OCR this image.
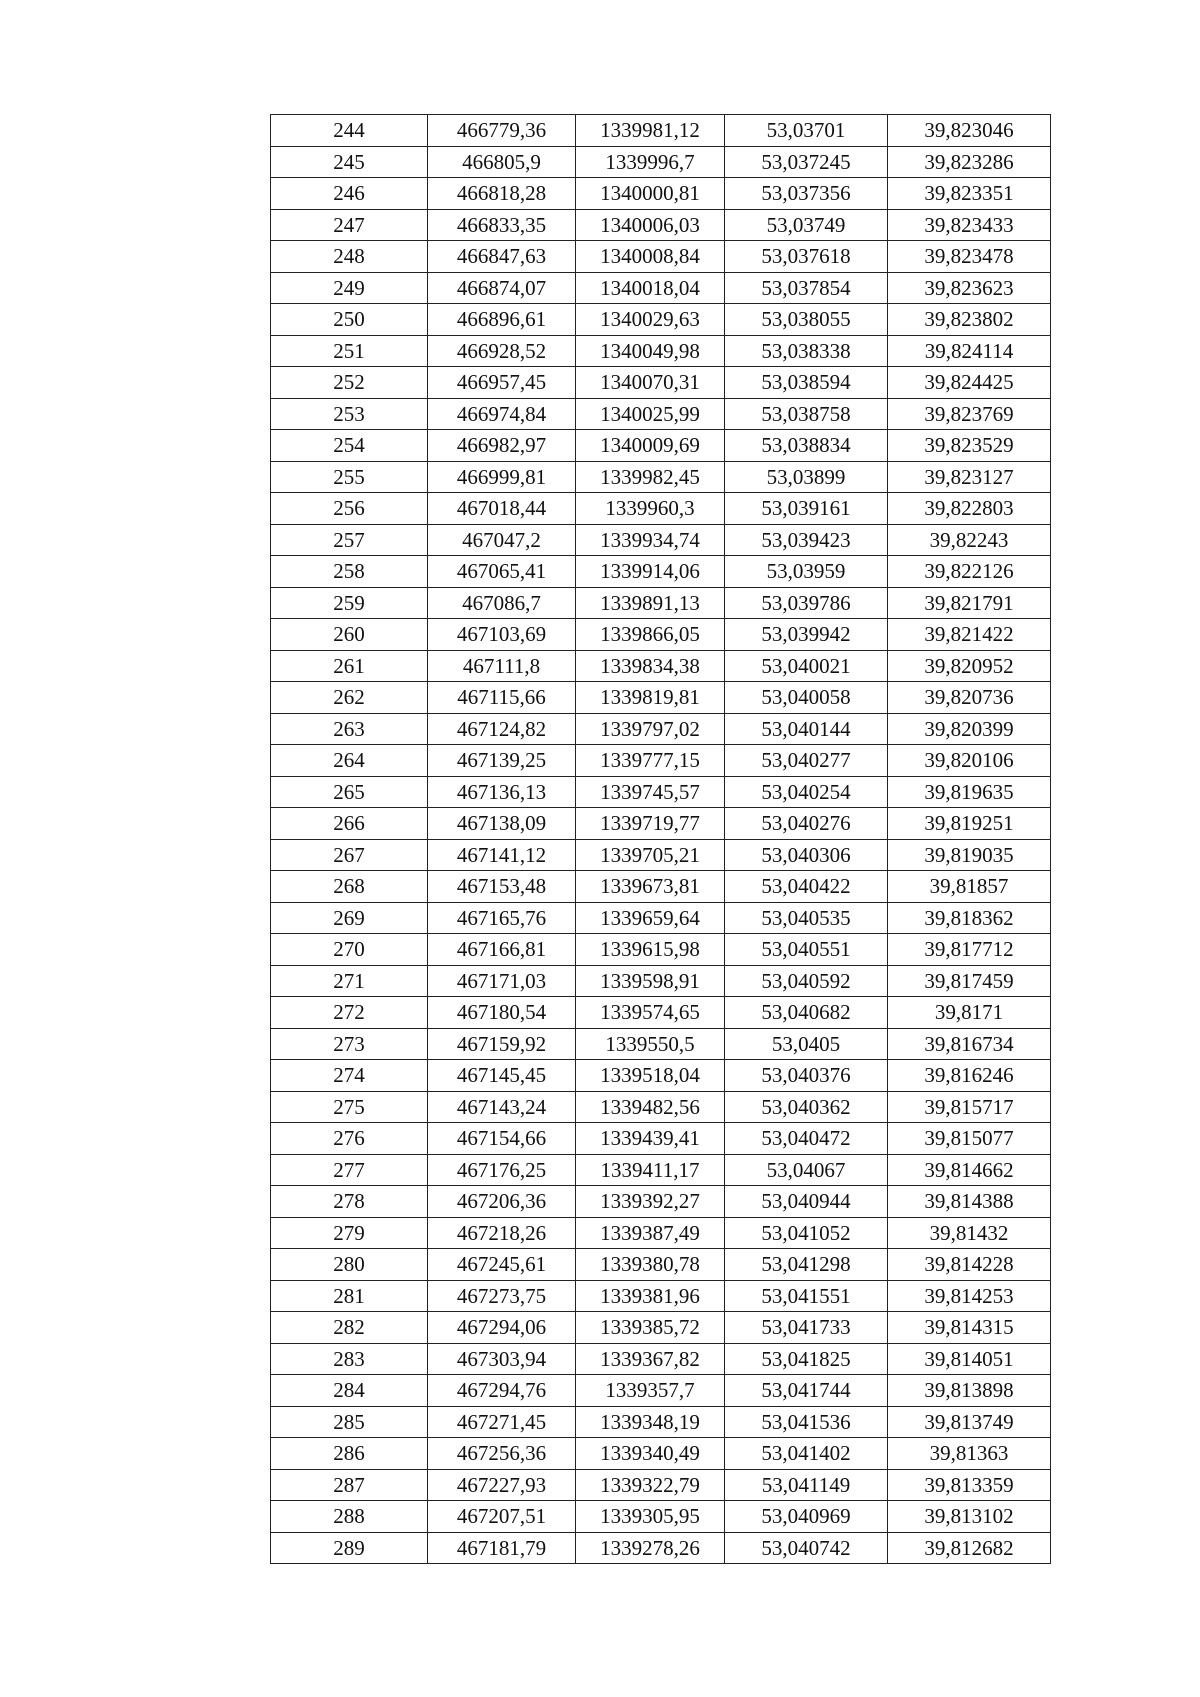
244	466779,36	1339981,12	53,03701	39,823046
245	466805,9	1339996,7	53,037245	39,823286
246	466818,28	1340000,81	53,037356	39,823351
247	466833,35	1340006,03	53,03749	39,823433
248	466847,63	1340008,84	53,037618	39,823478
249	466874,07	1340018,04	53,037854	39,823623
250	466896,61	1340029,63	53,038055	39,823802
251	466928,52	1340049,98	53,038338	39,824114
252	466957,45	1340070,31	53,038594	39,824425
253	466974,84	1340025,99	53,038758	39,823769
254	466982,97	1340009,69	53,038834	39,823529
255	466999,81	1339982,45	53,03899	39,823127
256	467018,44	1339960,3	53,039161	39,822803
257	467047,2	1339934,74	53,039423	39,82243
258	467065,41	1339914,06	53,03959	39,822126
259	467086,7	1339891,13	53,039786	39,821791
260	467103,69	1339866,05	53,039942	39,821422
261	467111,8	1339834,38	53,040021	39,820952
262	467115,66	1339819,81	53,040058	39,820736
263	467124,82	1339797,02	53,040144	39,820399
264	467139,25	1339777,15	53,040277	39,820106
265	467136,13	1339745,57	53,040254	39,819635
266	467138,09	1339719,77	53,040276	39,819251
267	467141,12	1339705,21	53,040306	39,819035
268	467153,48	1339673,81	53,040422	39,81857
269	467165,76	1339659,64	53,040535	39,818362
270	467166,81	1339615,98	53,040551	39,817712
271	467171,03	1339598,91	53,040592	39,817459
272	467180,54	1339574,65	53,040682	39,8171
273	467159,92	1339550,5	53,0405	39,816734
274	467145,45	1339518,04	53,040376	39,816246
275	467143,24	1339482,56	53,040362	39,815717
276	467154,66	1339439,41	53,040472	39,815077
277	467176,25	1339411,17	53,04067	39,814662
278	467206,36	1339392,27	53,040944	39,814388
279	467218,26	1339387,49	53,041052	39,81432
280	467245,61	1339380,78	53,041298	39,814228
281	467273,75	1339381,96	53,041551	39,814253
282	467294,06	1339385,72	53,041733	39,814315
283	467303,94	1339367,82	53,041825	39,814051
284	467294,76	1339357,7	53,041744	39,813898
285	467271,45	1339348,19	53,041536	39,813749
286	467256,36	1339340,49	53,041402	39,81363
287	467227,93	1339322,79	53,041149	39,813359
288	467207,51	1339305,95	53,040969	39,813102
289	467181,79	1339278,26	53,040742	39,812682
